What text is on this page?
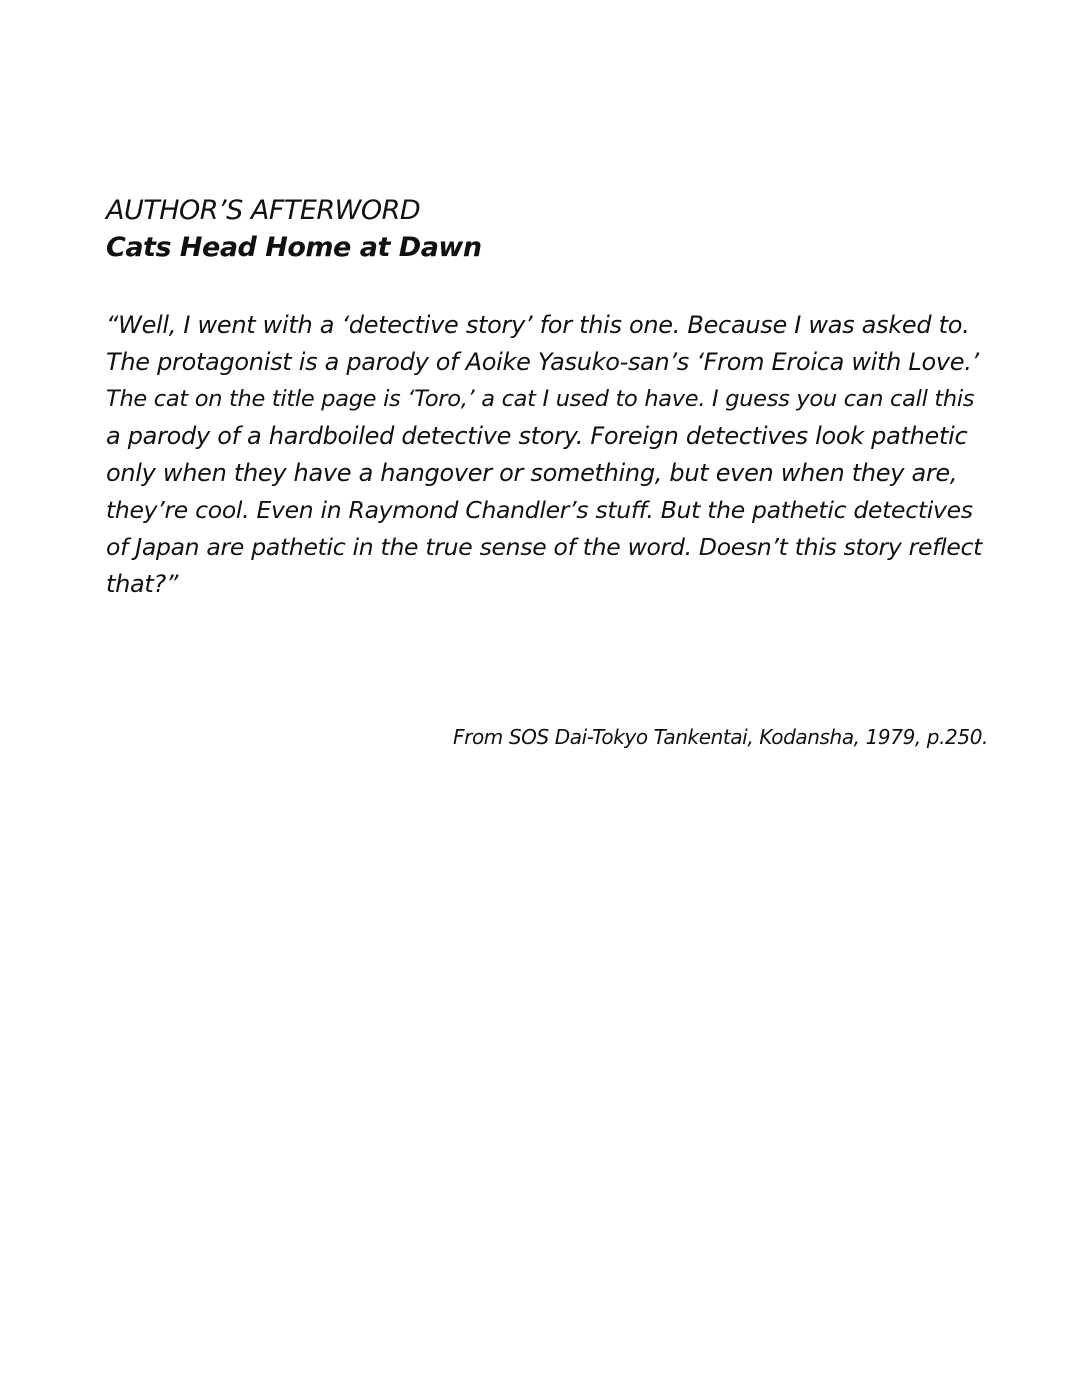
AUTHOR’S AFTERWORD
Cats Head Home at Dawn
“Well, I went with a ‘detective story’ for this one. Because I was asked to.
The protagonist is a parody of Aoike Yasuko-san’s ‘From Eroica with Love.’
The cat on the title page is ‘Toro,’ a cat I used to have. I guess you can call this
a parody of a hardboiled detective story. Foreign detectives look pathetic
only when they have a hangover or something, but even when they are,
they’re cool. Even in Raymond Chandler’s stuff. But the pathetic detectives
of Japan are pathetic in the true sense of the word. Doesn’t this story reflect
that?”
From SOS Dai-Tokyo Tankentai, Kodansha, 1979, p.250.
